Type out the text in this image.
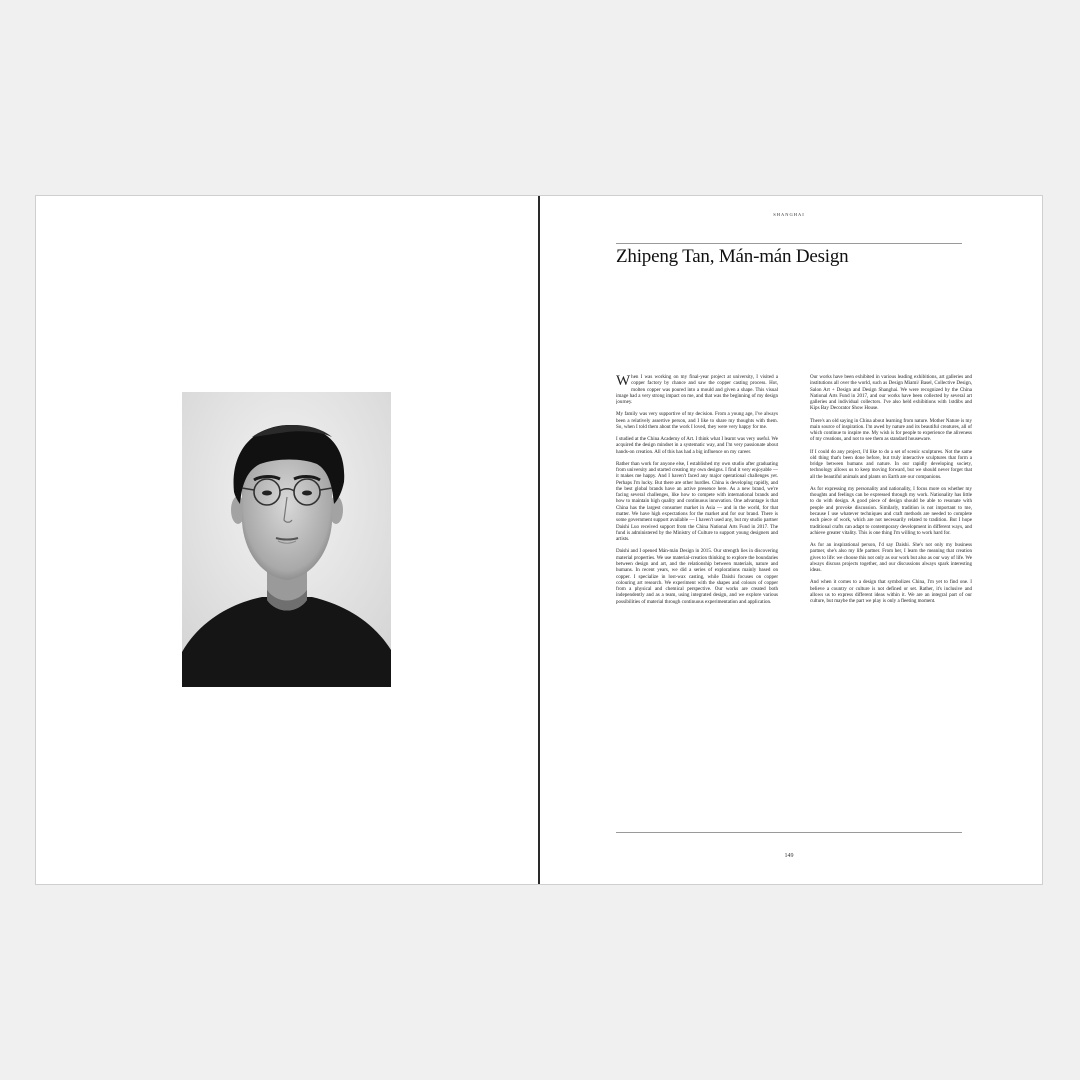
SHANGHAI
Zhipeng Tan, Mán-mán Design

When I was working on my final-year project at university, I visited a copper factory by chance and saw the copper casting process. Hot, molten copper was poured into a mould and given a shape. This visual image had a very strong impact on me, and that was the beginning of my design journey.

My family was very supportive of my decision. From a young age, I've always been a relatively assertive person, and I like to share my thoughts with them. So, when I told them about the work I loved, they were very happy for me.

I studied at the China Academy of Art. I think what I learnt was very useful. We acquired the design mindset in a systematic way, and I'm very passionate about hands-on creation. All of this has had a big influence on my career.

Rather than work for anyone else, I established my own studio after graduating from university and started creating my own designs. I find it very enjoyable — it makes me happy. And I haven't faced any major operational challenges yet. Perhaps I'm lucky. But there are other hurdles. China is developing rapidly, and the best global brands have an active presence here. As a new brand, we're facing several challenges, like how to compete with international brands and how to maintain high quality and continuous innovation. One advantage is that China has the largest consumer market in Asia — and in the world, for that matter. We have high expectations for the market and for our brand. There is some government support available — I haven't used any, but my studio partner Daishi Luo received support from the China National Arts Fund in 2017. The fund is administered by the Ministry of Culture to support young designers and artists.

Daishi and I opened Mán-mán Design in 2015. Our strength lies in discovering material properties. We use material-creation thinking to explore the boundaries between design and art, and the relationship between materials, nature and humans. In recent years, we did a series of explorations mainly based on copper. I specialize in lost-wax casting, while Daishi focuses on copper colouring art research. We experiment with the shapes and colours of copper from a physical and chemical perspective. Our works are created both independently and as a team, using integrated design, and we explore various possibilities of material through continuous experimentation and application.

Our works have been exhibited in various leading exhibitions, art galleries and institutions all over the world, such as Design Miami/ Basel, Collective Design, Salon Art + Design and Design Shanghai. We were recognized by the China National Arts Fund in 2017, and our works have been collected by several art galleries and individual collectors. I've also held exhibitions with 1stdibs and Kips Bay Decorator Show House.

There's an old saying in China about learning from nature. Mother Nature is my main source of inspiration. I'm awed by nature and its beautiful creatures, all of which continue to inspire me. My wish is for people to experience the aliveness of my creations, and not to see them as standard houseware.

If I could do any project, I'd like to do a set of scenic sculptures. Not the same old thing that's been done before, but truly interactive sculptures that form a bridge between humans and nature. In our rapidly developing society, technology allows us to keep moving forward, but we should never forget that all the beautiful animals and plants on Earth are our companions.

As for expressing my personality and nationality, I focus more on whether my thoughts and feelings can be expressed through my work. Nationality has little to do with design. A good piece of design should be able to resonate with people and provoke discussion. Similarly, tradition is not important to me, because I use whatever techniques and craft methods are needed to complete each piece of work, which are not necessarily related to tradition. But I hope traditional crafts can adapt to contemporary development in different ways, and achieve greater vitality. This is one thing I'm willing to work hard for.

As for an inspirational person, I'd say Daishi. She's not only my business partner, she's also my life partner. From her, I learn the meaning that creation gives to life: we choose this not only as our work but also as our way of life. We always discuss projects together, and our discussions always spark interesting ideas.

And when it comes to a design that symbolizes China, I'm yet to find one. I believe a country or culture is not defined or set. Rather, it's inclusive and allows us to express different ideas within it. We are an integral part of our culture, but maybe the part we play is only a fleeting moment.

149
